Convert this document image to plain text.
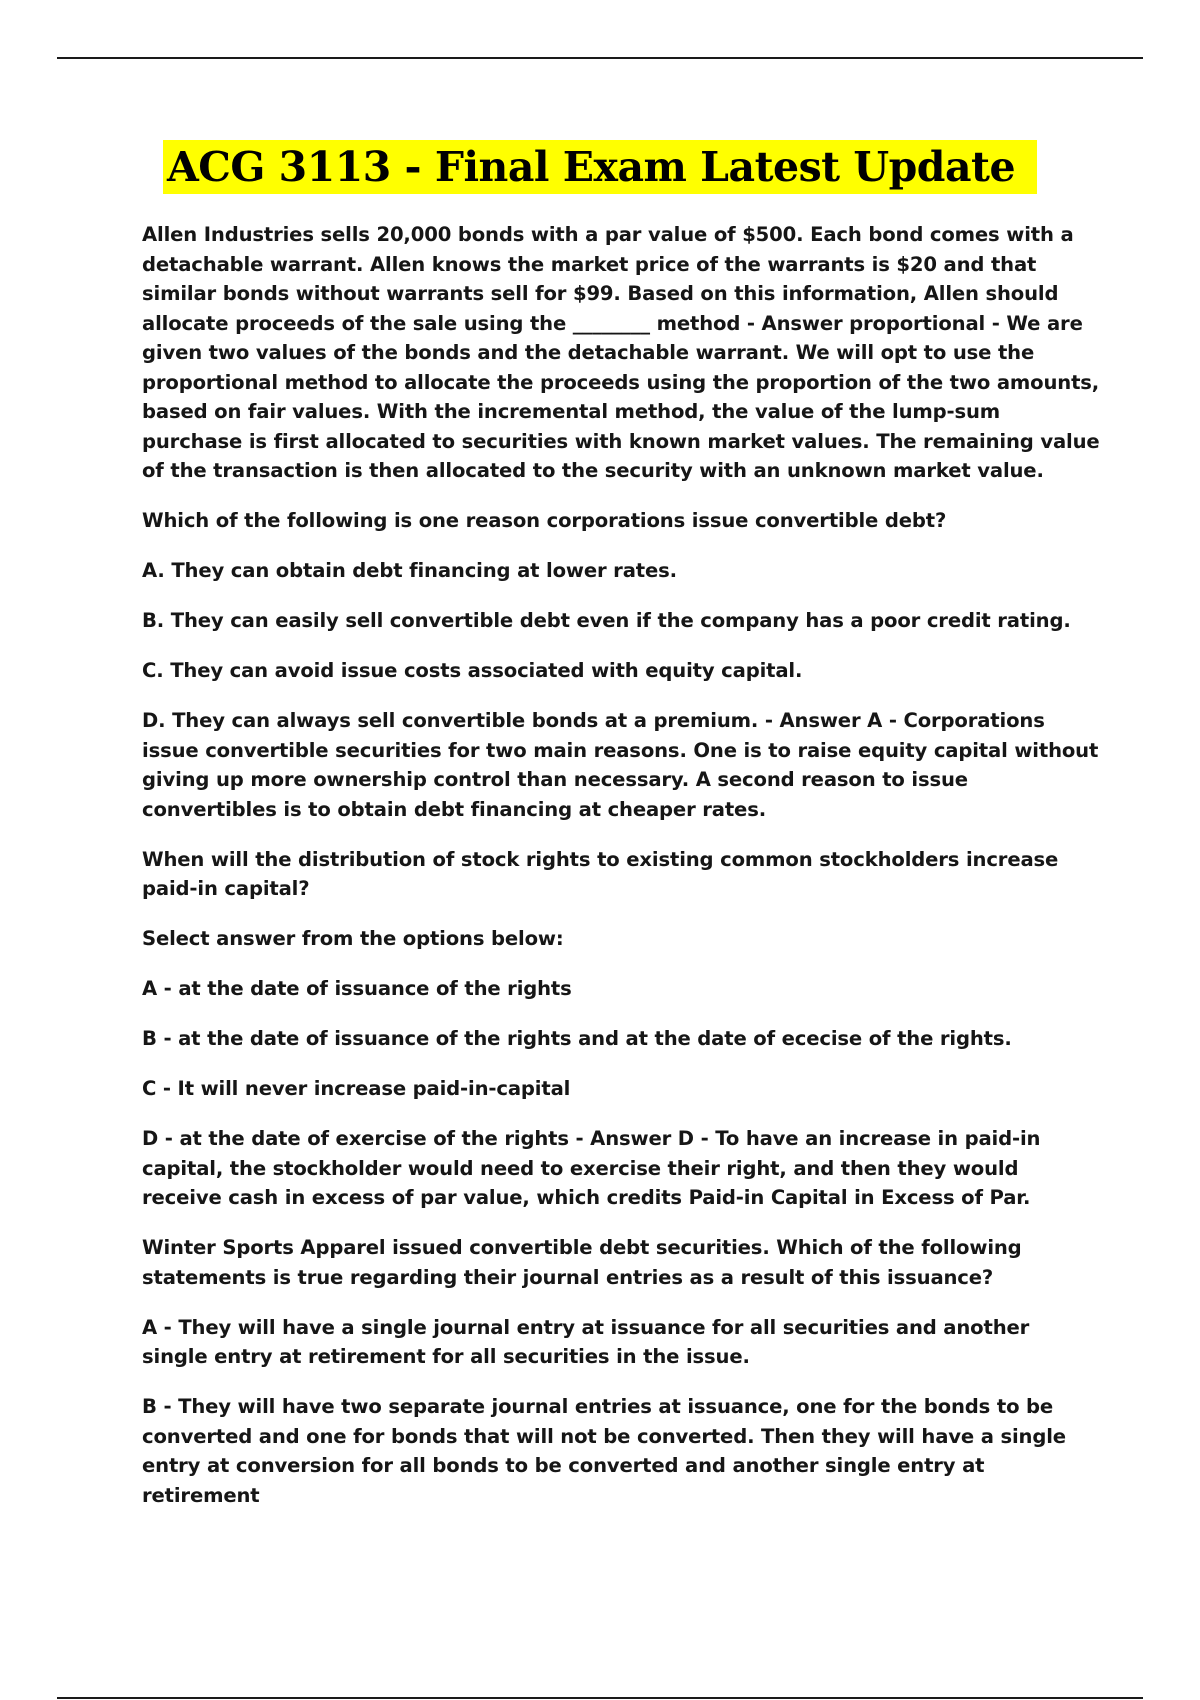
ACG 3113 - Final Exam Latest Update

Allen Industries sells 20,000 bonds with a par value of $500. Each bond comes with a detachable warrant. Allen knows the market price of the warrants is $20 and that similar bonds without warrants sell for $99. Based on this information, Allen should allocate proceeds of the sale using the ________ method - Answer proportional - We are given two values of the bonds and the detachable warrant. We will opt to use the proportional method to allocate the proceeds using the proportion of the two amounts, based on fair values. With the incremental method, the value of the lump-sum purchase is first allocated to securities with known market values. The remaining value of the transaction is then allocated to the security with an unknown market value.

Which of the following is one reason corporations issue convertible debt?

A. They can obtain debt financing at lower rates.

B. They can easily sell convertible debt even if the company has a poor credit rating.

C. They can avoid issue costs associated with equity capital.

D. They can always sell convertible bonds at a premium. - Answer A - Corporations issue convertible securities for two main reasons. One is to raise equity capital without giving up more ownership control than necessary. A second reason to issue convertibles is to obtain debt financing at cheaper rates.

When will the distribution of stock rights to existing common stockholders increase paid-in capital?

Select answer from the options below:

A - at the date of issuance of the rights

B - at the date of issuance of the rights and at the date of ececise of the rights.

C - It will never increase paid-in-capital

D - at the date of exercise of the rights - Answer D - To have an increase in paid-in capital, the stockholder would need to exercise their right, and then they would receive cash in excess of par value, which credits Paid-in Capital in Excess of Par.

Winter Sports Apparel issued convertible debt securities. Which of the following statements is true regarding their journal entries as a result of this issuance?

A - They will have a single journal entry at issuance for all securities and another single entry at retirement for all securities in the issue.

B - They will have two separate journal entries at issuance, one for the bonds to be converted and one for bonds that will not be converted. Then they will have a single entry at conversion for all bonds to be converted and another single entry at retirement
